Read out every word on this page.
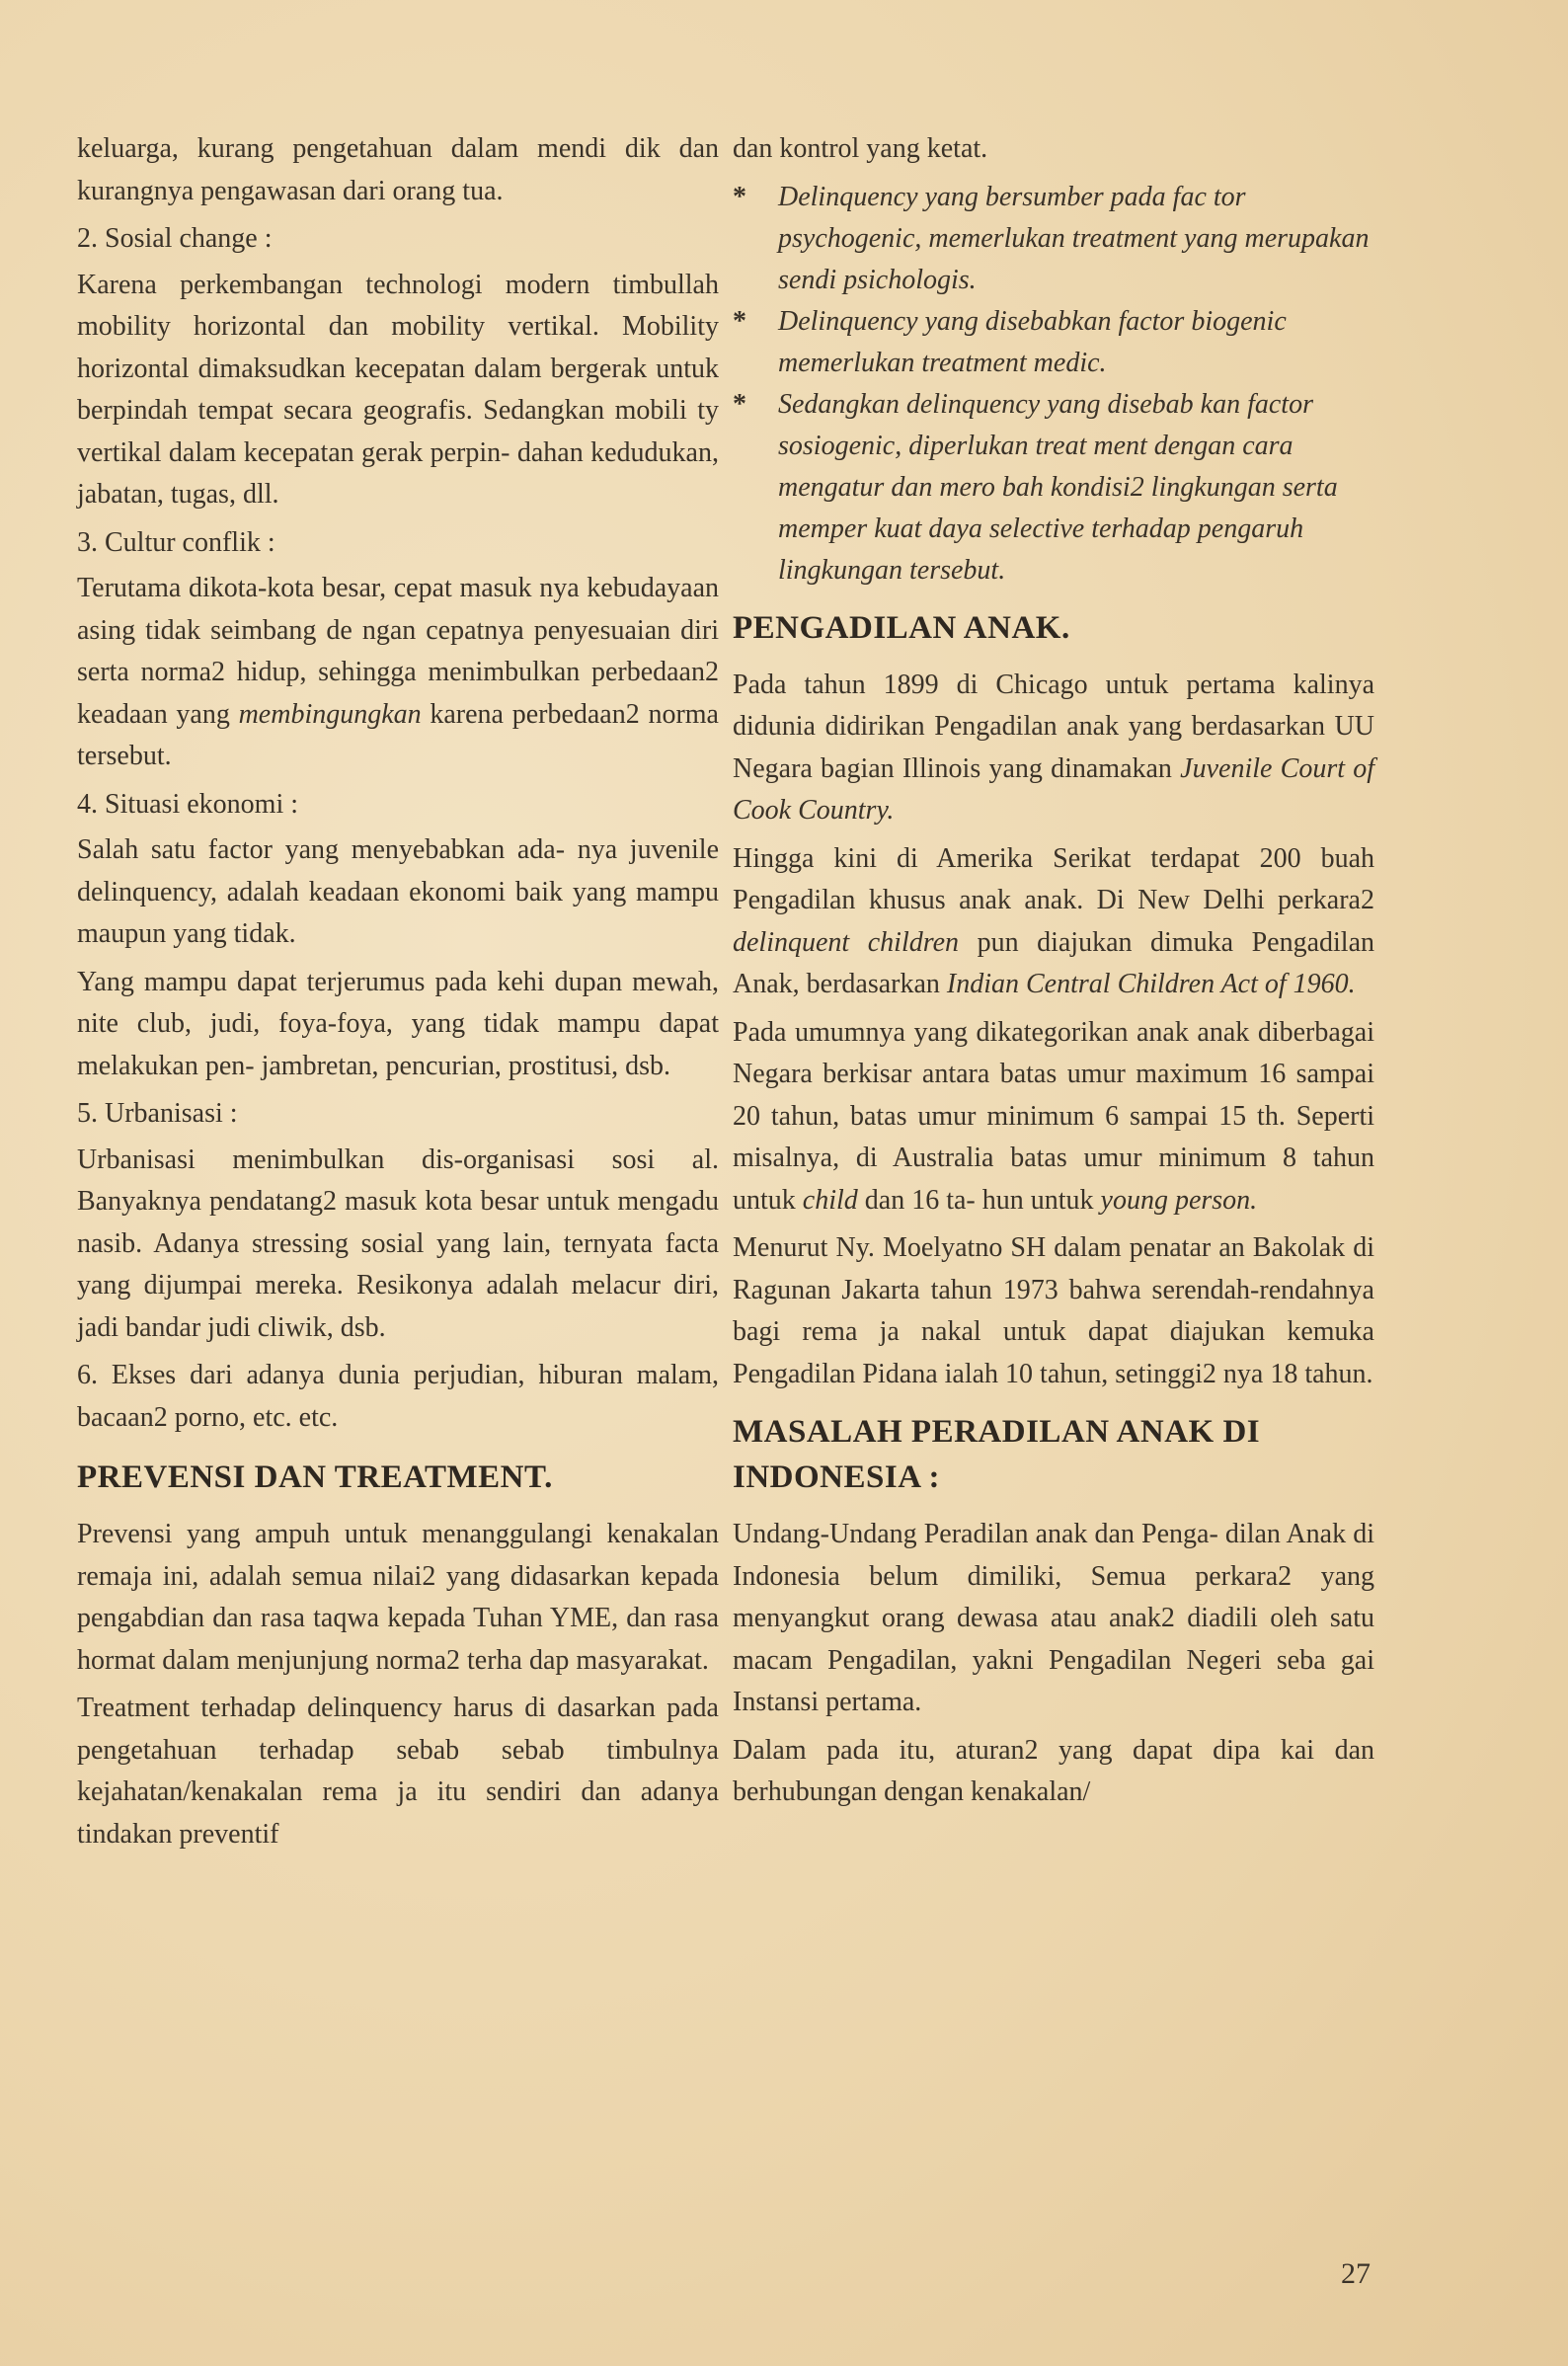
keluarga, kurang pengetahuan dalam mendi dik dan kurangnya pengawasan dari orang tua.

2. Sosial change :

Karena perkembangan technologi modern timbullah mobility horizontal dan mobility vertikal. Mobility horizontal dimaksudkan kecepatan dalam bergerak untuk berpindah tempat secara geografis. Sedangkan mobili ty vertikal dalam kecepatan gerak perpin- dahan kedudukan, jabatan, tugas, dll.

3. Cultur conflik :

Terutama dikota-kota besar, cepat masuk nya kebudayaan asing tidak seimbang de ngan cepatnya penyesuaian diri serta norma2 hidup, sehingga menimbulkan perbedaan2 keadaan yang membingungkan karena perbedaan2 norma tersebut.

4. Situasi ekonomi :

Salah satu factor yang menyebabkan ada- nya juvenile delinquency, adalah keadaan ekonomi baik yang mampu maupun yang tidak.

Yang mampu dapat terjerumus pada kehi dupan mewah, nite club, judi, foya-foya, yang tidak mampu dapat melakukan pen- jambretan, pencurian, prostitusi, dsb.

5. Urbanisasi :

Urbanisasi menimbulkan dis-organisasi sosi al. Banyaknya pendatang2 masuk kota besar untuk mengadu nasib. Adanya stressing sosial yang lain, ternyata facta yang dijumpai mereka. Resikonya adalah melacur diri, jadi bandar judi cliwik, dsb.

6. Ekses dari adanya dunia perjudian, hiburan malam, bacaan2 porno, etc. etc.

PREVENSI DAN TREATMENT.

Prevensi yang ampuh untuk menanggulangi kenakalan remaja ini, adalah semua nilai2 yang didasarkan kepada pengabdian dan rasa taqwa kepada Tuhan YME, dan rasa hormat dalam menjunjung norma2 terha dap masyarakat.

Treatment terhadap delinquency harus di dasarkan pada pengetahuan terhadap sebab sebab timbulnya kejahatan/kenakalan rema ja itu sendiri dan adanya tindakan preventif

dan kontrol yang ketat.

* Delinquency yang bersumber pada fac tor psychogenic, memerlukan treatment yang merupakan sendi psichologis.
* Delinquency yang disebabkan factor biogenic memerlukan treatment medic.
* Sedangkan delinquency yang disebab kan factor sosiogenic, diperlukan treat ment dengan cara mengatur dan mero bah kondisi2 lingkungan serta memper kuat daya selective terhadap pengaruh lingkungan tersebut.
PENGADILAN ANAK.

Pada tahun 1899 di Chicago untuk pertama kalinya didunia didirikan Pengadilan anak yang berdasarkan UU Negara bagian Illinois yang dinamakan Juvenile Court of Cook Country.

Hingga kini di Amerika Serikat terdapat 200 buah Pengadilan khusus anak anak. Di New Delhi perkara2 delinquent children pun diajukan dimuka Pengadilan Anak, berdasarkan Indian Central Children Act of 1960.

Pada umumnya yang dikategorikan anak anak diberbagai Negara berkisar antara batas umur maximum 16 sampai 20 tahun, batas umur minimum 6 sampai 15 th. Seperti misalnya, di Australia batas umur minimum 8 tahun untuk child dan 16 ta- hun untuk young person.

Menurut Ny. Moelyatno SH dalam penatar an Bakolak di Ragunan Jakarta tahun 1973 bahwa serendah-rendahnya bagi rema ja nakal untuk dapat diajukan kemuka Pengadilan Pidana ialah 10 tahun, setinggi2 nya 18 tahun.

MASALAH PERADILAN ANAK DI INDONESIA :

Undang-Undang Peradilan anak dan Penga- dilan Anak di Indonesia belum dimiliki, Semua perkara2 yang menyangkut orang dewasa atau anak2 diadili oleh satu macam Pengadilan, yakni Pengadilan Negeri seba gai Instansi pertama.

Dalam pada itu, aturan2 yang dapat dipa kai dan berhubungan dengan kenakalan/

27
